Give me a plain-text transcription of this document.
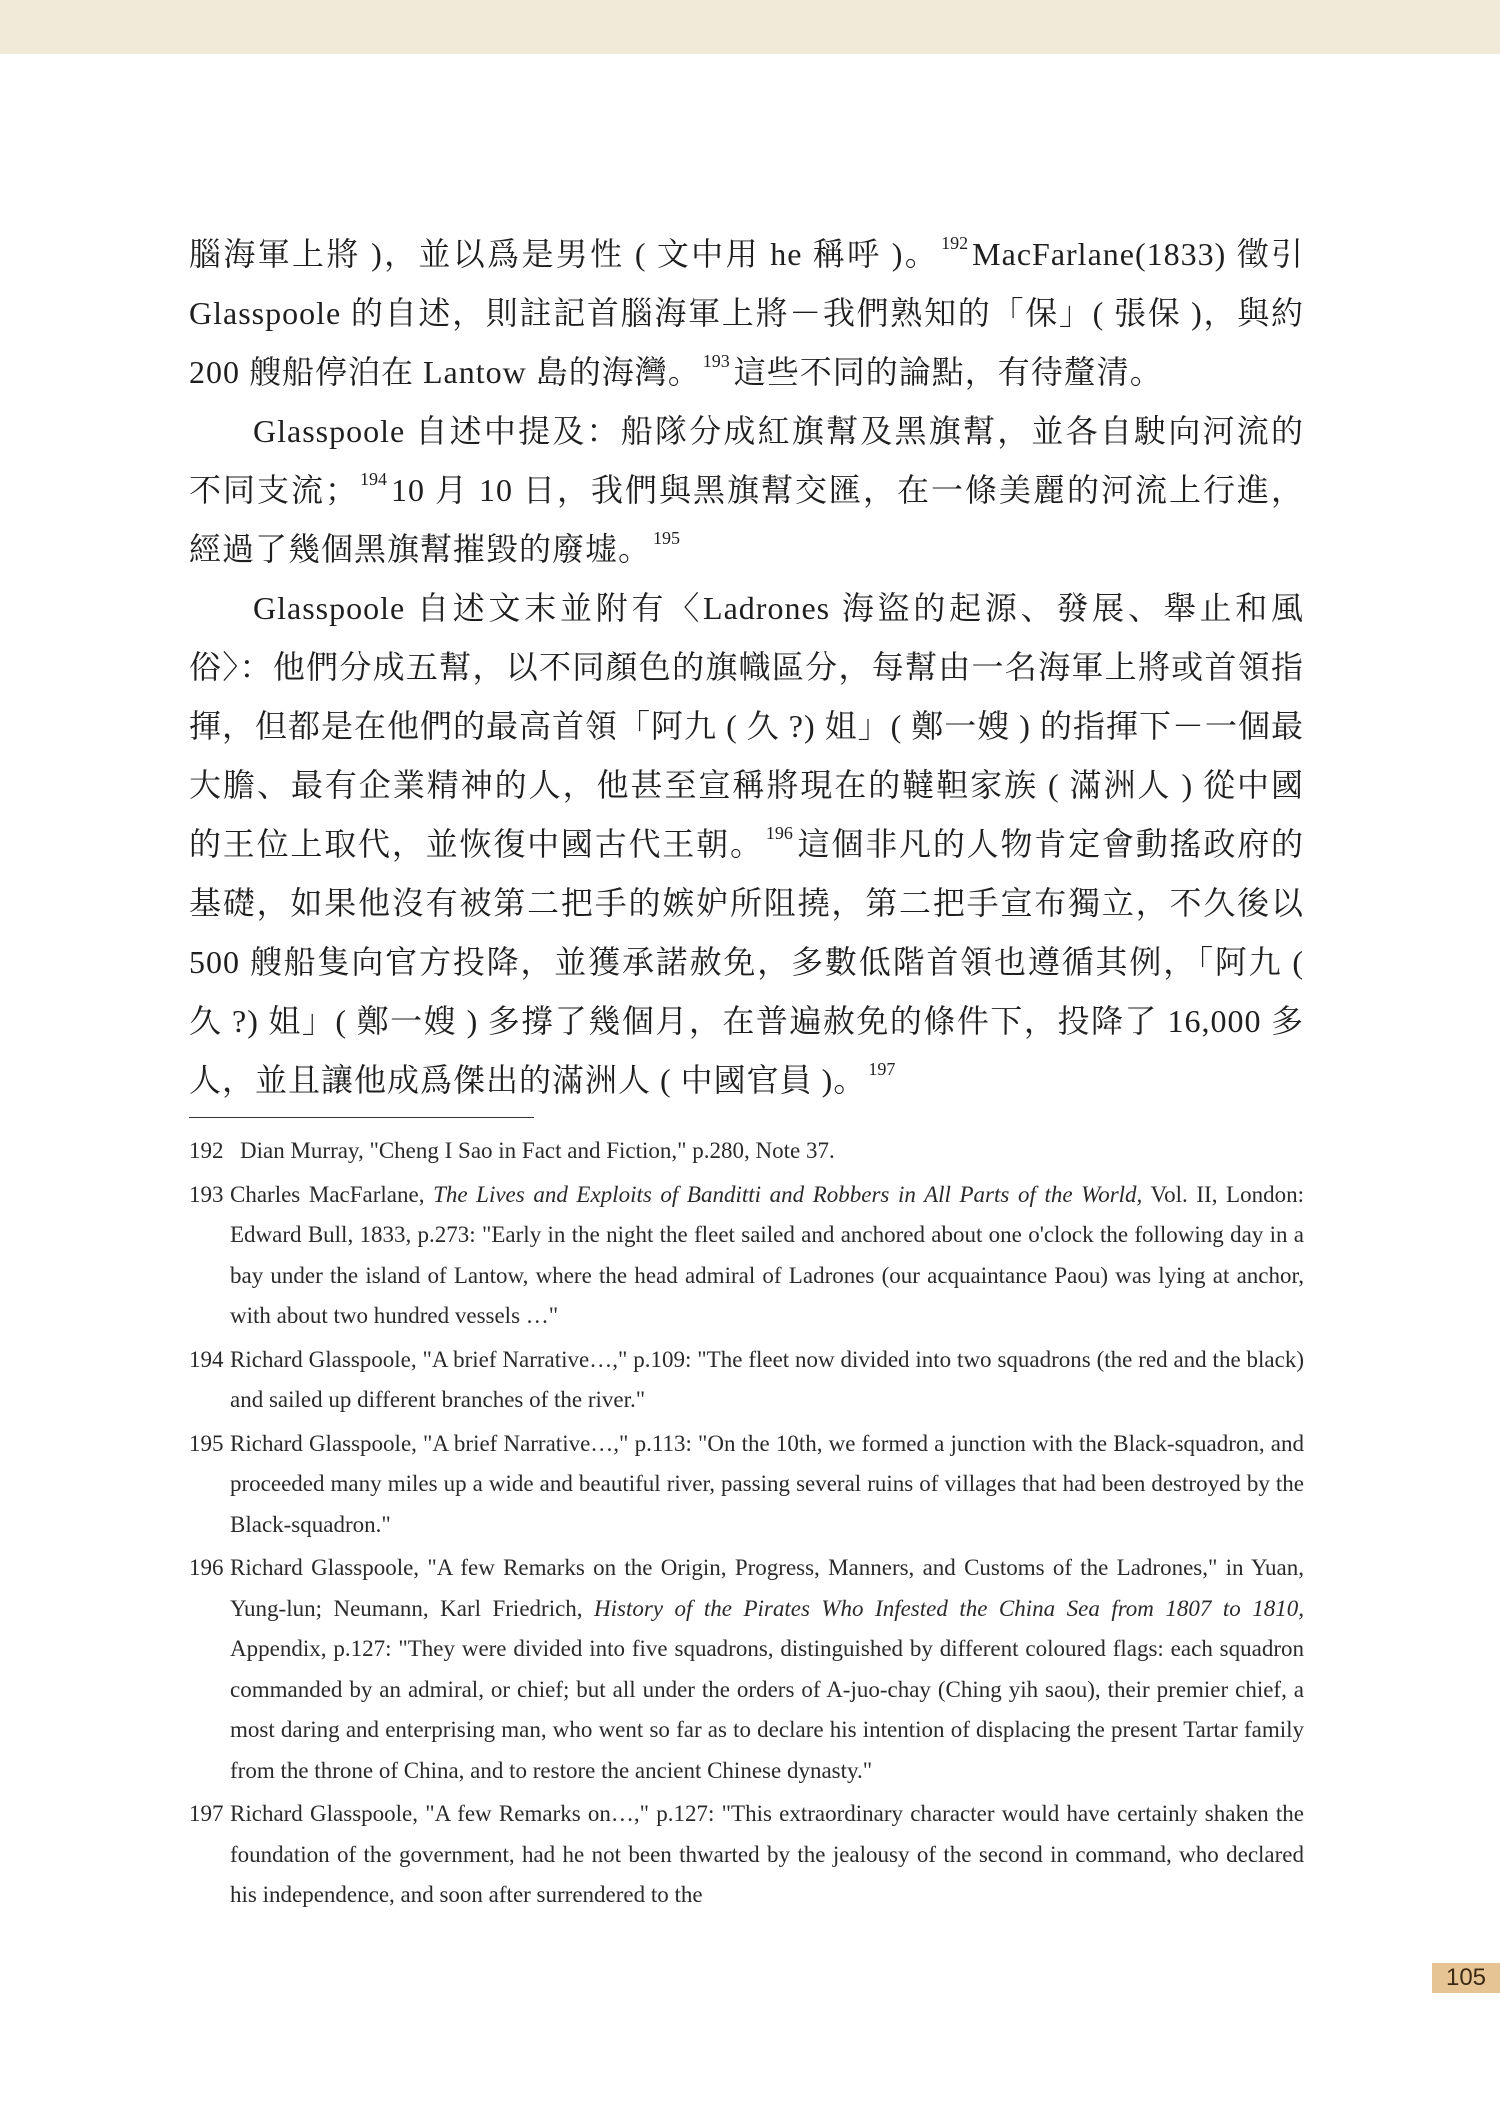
腦海軍上將 )，並以爲是男性 ( 文中用 he 稱呼 )。 $^{192}$ MacFarlane(1833) 徵引 Glasspoole 的自述，則註記首腦海軍上將－我們熟知的「保」( 張保 )，與約 200 艘船停泊在 Lantow 島的海灣。 $^{193}$ 這些不同的論點，有待釐清。

Glasspoole 自述中提及：船隊分成紅旗幫及黑旗幫，並各自駛向河流的不同支流； $^{194}$ 10 月 10 日，我們與黑旗幫交匯，在一條美麗的河流上行進，經過了幾個黑旗幫摧毀的廢墟。 $^{195}$

Glasspoole 自述文末並附有〈Ladrones 海盜的起源、發展、舉止和風俗〉：他們分成五幫，以不同顏色的旗幟區分，每幫由一名海軍上將或首領指揮，但都是在他們的最高首領「阿九 ( 久 ?) 姐」( 鄭一嫂 ) 的指揮下－一個最大膽、最有企業精神的人，他甚至宣稱將現在的韃靼家族 ( 滿洲人 ) 從中國的王位上取代，並恢復中國古代王朝。 $^{196}$ 這個非凡的人物肯定會動搖政府的基礎，如果他沒有被第二把手的嫉妒所阻撓，第二把手宣布獨立，不久後以 500 艘船隻向官方投降，並獲承諾赦免，多數低階首領也遵循其例，「阿九 ( 久 ?) 姐」( 鄭一嫂 ) 多撐了幾個月，在普遍赦免的條件下，投降了 16,000 多人，並且讓他成爲傑出的滿洲人 ( 中國官員 )。 $^{197}$

192 Dian Murray, "Cheng I Sao in Fact and Fiction," p.280, Note 37.
193 Charles MacFarlane, The Lives and Exploits of Banditti and Robbers in All Parts of the World, Vol. II, London: Edward Bull, 1833, p.273: "Early in the night the fleet sailed and anchored about one o'clock the following day in a bay under the island of Lantow, where the head admiral of Ladrones (our acquaintance Paou) was lying at anchor, with about two hundred vessels …"
194 Richard Glasspoole, "A brief Narrative…," p.109: "The fleet now divided into two squadrons (the red and the black) and sailed up different branches of the river."
195 Richard Glasspoole, "A brief Narrative…," p.113: "On the 10th, we formed a junction with the Black-squadron, and proceeded many miles up a wide and beautiful river, passing several ruins of villages that had been destroyed by the Black-squadron."
196 Richard Glasspoole, "A few Remarks on the Origin, Progress, Manners, and Customs of the Ladrones," in Yuan, Yung-lun; Neumann, Karl Friedrich, History of the Pirates Who Infested the China Sea from 1807 to 1810, Appendix, p.127: "They were divided into five squadrons, distinguished by different coloured flags: each squadron commanded by an admiral, or chief; but all under the orders of A-juo-chay (Ching yih saou), their premier chief, a most daring and enterprising man, who went so far as to declare his intention of displacing the present Tartar family from the throne of China, and to restore the ancient Chinese dynasty."
197 Richard Glasspoole, "A few Remarks on…," p.127: "This extraordinary character would have certainly shaken the foundation of the government, had he not been thwarted by the jealousy of the second in command, who declared his independence, and soon after surrendered to the
105
